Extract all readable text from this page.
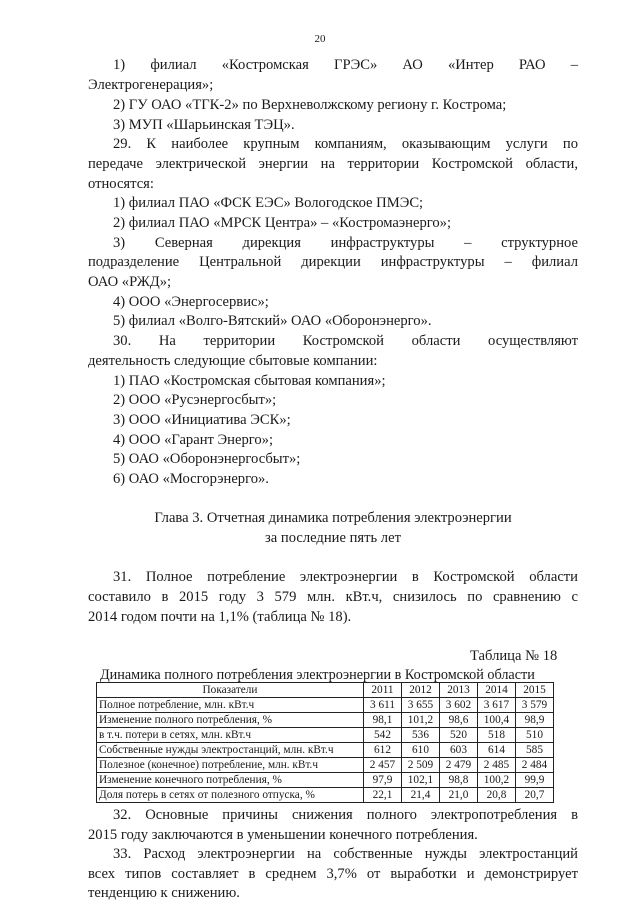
20
1) филиал «Костромская ГРЭС» АО «Интер РАО –
Электрогенерация»;
2) ГУ ОАО «ТГК-2» по Верхневолжскому региону г. Кострома;
3) МУП «Шарьинская ТЭЦ».
29. К наиболее крупным компаниям, оказывающим услуги по
передаче электрической энергии на территории Костромской области,
относятся:
1) филиал ПАО «ФСК ЕЭС» Вологодское ПМЭС;
2) филиал ПАО «МРСК Центра» – «Костромаэнерго»;
3) Северная дирекция инфраструктуры – структурное
подразделение Центральной дирекции инфраструктуры – филиал
ОАО «РЖД»;
4) ООО «Энергосервис»;
5) филиал «Волго-Вятский» ОАО «Оборонэнерго».
30. На территории Костромской области осуществляют
деятельность следующие сбытовые компании:
1) ПАО «Костромская сбытовая компания»;
2) ООО «Русэнергосбыт»;
3) ООО «Инициатива ЭСК»;
4) ООО «Гарант Энерго»;
5) ОАО «Оборонэнергосбыт»;
6) ОАО «Мосгорэнерго».
Глава 3. Отчетная динамика потребления электроэнергии
за последние пять лет
31. Полное потребление электроэнергии в Костромской области
составило в 2015 году 3 579 млн. кВт.ч, снизилось по сравнению с
2014 годом почти на 1,1% (таблица № 18).
Таблица № 18
Динамика полного потребления электроэнергии в Костромской области
Показатели	2011	2012	2013	2014	2015
Полное потребление, млн. кВт.ч	3 611	3 655	3 602	3 617	3 579
Изменение полного потребления, %	98,1	101,2	98,6	100,4	98,9
в т.ч. потери в сетях, млн. кВт.ч	542	536	520	518	510
Собственные нужды электростанций, млн. кВт.ч	612	610	603	614	585
Полезное (конечное) потребление, млн. кВт.ч	2 457	2 509	2 479	2 485	2 484
Изменение конечного потребления, %	97,9	102,1	98,8	100,2	99,9
Доля потерь в сетях от полезного отпуска, %	22,1	21,4	21,0	20,8	20,7
32. Основные причины снижения полного электропотребления в
2015 году заключаются в уменьшении конечного потребления.
33. Расход электроэнергии на собственные нужды электростанций
всех типов составляет в среднем 3,7% от выработки и демонстрирует
тенденцию к снижению.
